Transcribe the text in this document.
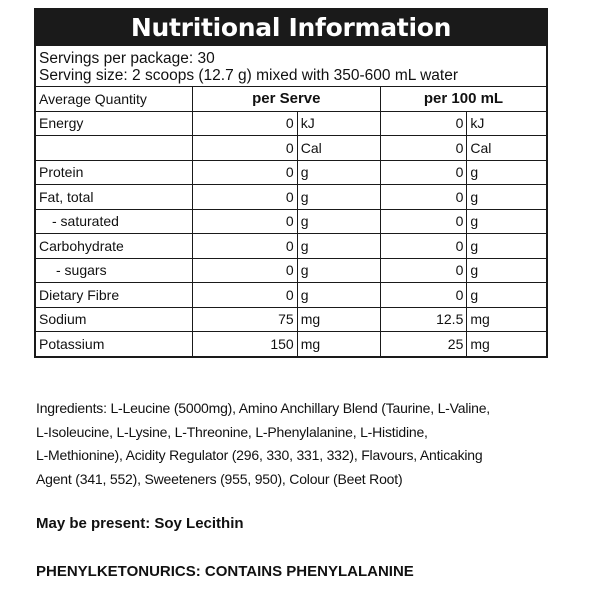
Nutritional Information
Servings per package: 30
Serving size: 2 scoops (12.7 g) mixed with 350-600 mL water
Average Quantity	per Serve		per 100 mL	
Energy	0	kJ	0	kJ
	0	Cal	0	Cal
Protein	0	g	0	g
Fat, total	0	g	0	g
- saturated	0	g	0	g
Carbohydrate	0	g	0	g
- sugars	0	g	0	g
Dietary Fibre	0	g	0	g
Sodium	75	mg	12.5	mg
Potassium	150	mg	25	mg
Ingredients: L-Leucine (5000mg), Amino Anchillary Blend (Taurine, L-Valine,
L-Isoleucine, L-Lysine, L-Threonine, L-Phenylalanine, L-Histidine,
L-Methionine), Acidity Regulator (296, 330, 331, 332), Flavours, Anticaking
Agent (341, 552), Sweeteners (955, 950), Colour (Beet Root)
May be present: Soy Lecithin
PHENYLKETONURICS: CONTAINS PHENYLALANINE
